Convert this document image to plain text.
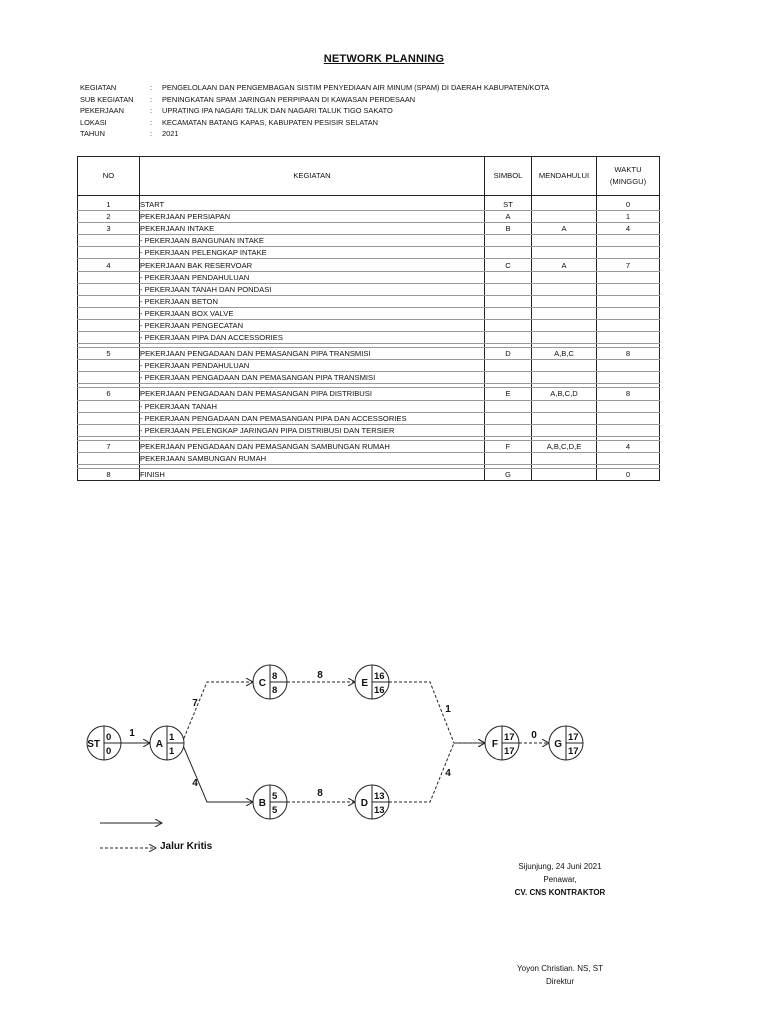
NETWORK PLANNING
KEGIATAN	:	PENGELOLAAN DAN PENGEMBAGAN SISTIM PENYEDIAAN AIR MINUM (SPAM) DI DAERAH KABUPATEN/KOTA
SUB KEGIATAN	:	PENINGKATAN SPAM JARINGAN PERPIPAAN DI KAWASAN PERDESAAN
PEKERJAAN	:	UPRATING IPA NAGARI TALUK DAN NAGARI TALUK TIGO SAKATO
LOKASI	:	KECAMATAN BATANG KAPAS, KABUPATEN PESISIR SELATAN
TAHUN	:	2021
NO	KEGIATAN	SIMBOL	MENDAHULUI	WAKTU
(MINGGU)

1	START	ST		0
2	PEKERJAAN PERSIAPAN	A		1
3	PEKERJAAN INTAKE	B	A	4
	- PEKERJAAN BANGUNAN INTAKE			
	- PEKERJAAN PELENGKAP INTAKE			
4	PEKERJAAN BAK RESERVOAR	C	A	7
	- PEKERJAAN PENDAHULUAN			
	- PEKERJAAN TANAH DAN PONDASI			
	- PEKERJAAN BETON			
	- PEKERJAAN BOX VALVE			
	- PEKERJAAN PENGECATAN			
	- PEKERJAAN PIPA DAN ACCESSORIES			

5	PEKERJAAN PENGADAAN DAN PEMASANGAN PIPA TRANSMISI	D	A,B,C	8
	- PEKERJAAN PENDAHULUAN			
	- PEKERJAAN PENGADAAN DAN PEMASANGAN PIPA TRANSMISI			

6	PEKERJAAN PENGADAAN DAN PEMASANGAN PIPA DISTRIBUSI	E	A,B,C,D	8
	- PEKERJAAN TANAH			
	- PEKERJAAN PENGADAAN DAN PEMASANGAN PIPA DAN ACCESSORIES			
	- PEKERJAAN PELENGKAP JARINGAN PIPA DISTRIBUSI DAN TERSIER			

7	PEKERJAAN PENGADAAN DAN PEMASANGAN SAMBUNGAN RUMAH	F	A,B,C,D,E	4
	PEKERJAAN SAMBUNGAN RUMAH			

8	FINISH	G		0
1
7
8
1
4
8
4
0
ST
0
0
A
1
1
C
8
8
E
16
16
B
5
5
D
13
13
F
17
17
G
17
17
Jalur Kritis
Sijunjung, 24 Juni 2021
Penawar,
CV. CNS KONTRAKTOR
Yoyon Christian. NS, ST
Direktur
